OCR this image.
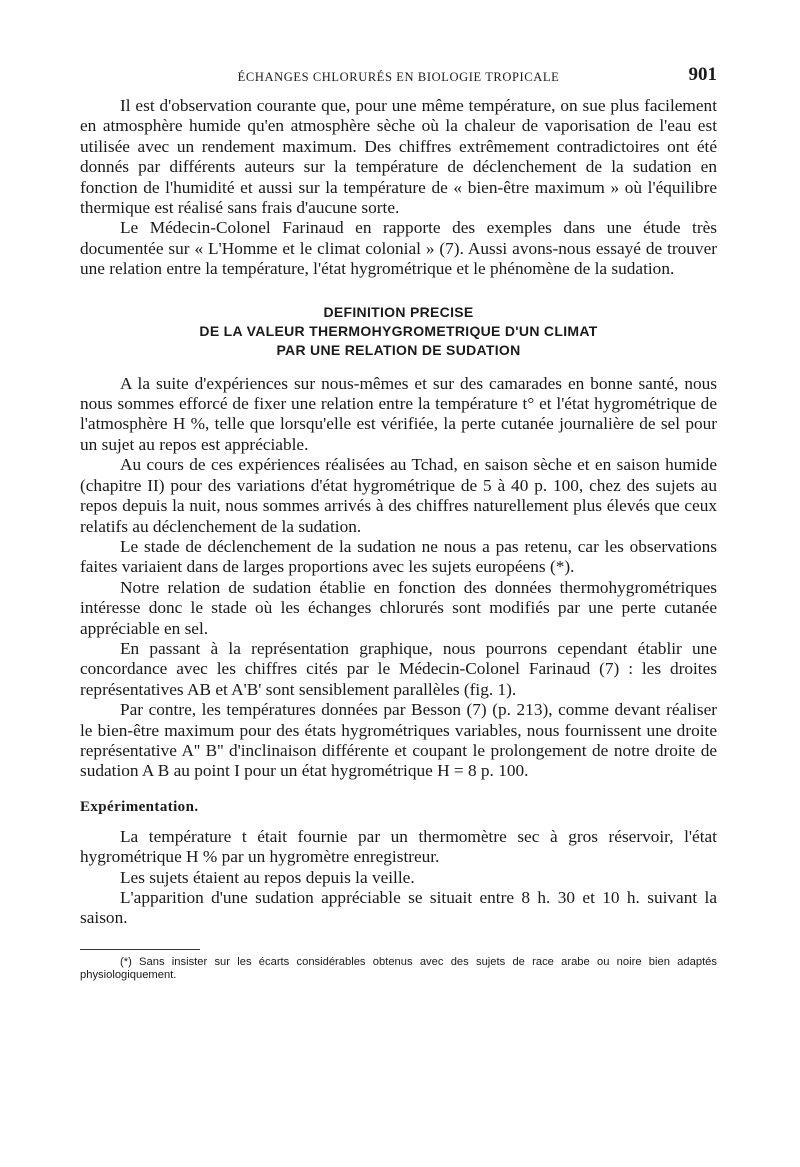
ÉCHANGES CHLORURÉS EN BIOLOGIE TROPICALE	901

Il est d'observation courante que, pour une même température, on sue plus facilement en atmosphère humide qu'en atmosphère sèche où la chaleur de vaporisation de l'eau est utilisée avec un rendement maximum. Des chiffres extrêmement contradictoires ont été donnés par différents auteurs sur la température de déclenchement de la sudation en fonction de l'humidité et aussi sur la température de « bien-être maximum » où l'équilibre thermique est réalisé sans frais d'aucune sorte.

Le Médecin-Colonel Farinaud en rapporte des exemples dans une étude très documentée sur « L'Homme et le climat colonial » (7). Aussi avons-nous essayé de trouver une relation entre la température, l'état hygrométrique et le phénomène de la sudation.

DEFINITION PRECISE
DE LA VALEUR THERMOHYGROMETRIQUE D'UN CLIMAT
PAR UNE RELATION DE SUDATION

A la suite d'expériences sur nous-mêmes et sur des camarades en bonne santé, nous nous sommes efforcé de fixer une relation entre la température t° et l'état hygrométrique de l'atmosphère H %, telle que lorsqu'elle est vérifiée, la perte cutanée journalière de sel pour un sujet au repos est appréciable.

Au cours de ces expériences réalisées au Tchad, en saison sèche et en saison humide (chapitre II) pour des variations d'état hygrométrique de 5 à 40 p. 100, chez des sujets au repos depuis la nuit, nous sommes arrivés à des chiffres naturellement plus élevés que ceux relatifs au déclenchement de la sudation.

Le stade de déclenchement de la sudation ne nous a pas retenu, car les observations faites variaient dans de larges proportions avec les sujets européens (*).

Notre relation de sudation établie en fonction des données thermohygrométriques intéresse donc le stade où les échanges chlorurés sont modifiés par une perte cutanée appréciable en sel.

En passant à la représentation graphique, nous pourrons cependant établir une concordance avec les chiffres cités par le Médecin-Colonel Farinaud (7) : les droites représentatives AB et A'B' sont sensiblement parallèles (fig. 1).

Par contre, les températures données par Besson (7) (p. 213), comme devant réaliser le bien-être maximum pour des états hygrométriques variables, nous fournissent une droite représentative A'' B'' d'inclinaison différente et coupant le prolongement de notre droite de sudation A B au point I pour un état hygrométrique H = 8 p. 100.

Expérimentation.

La température t était fournie par un thermomètre sec à gros réservoir, l'état hygrométrique H % par un hygromètre enregistreur.

Les sujets étaient au repos depuis la veille.

L'apparition d'une sudation appréciable se situait entre 8 h. 30 et 10 h. suivant la saison.

(*) Sans insister sur les écarts considérables obtenus avec des sujets de race arabe ou noire bien adaptés physiologiquement.
